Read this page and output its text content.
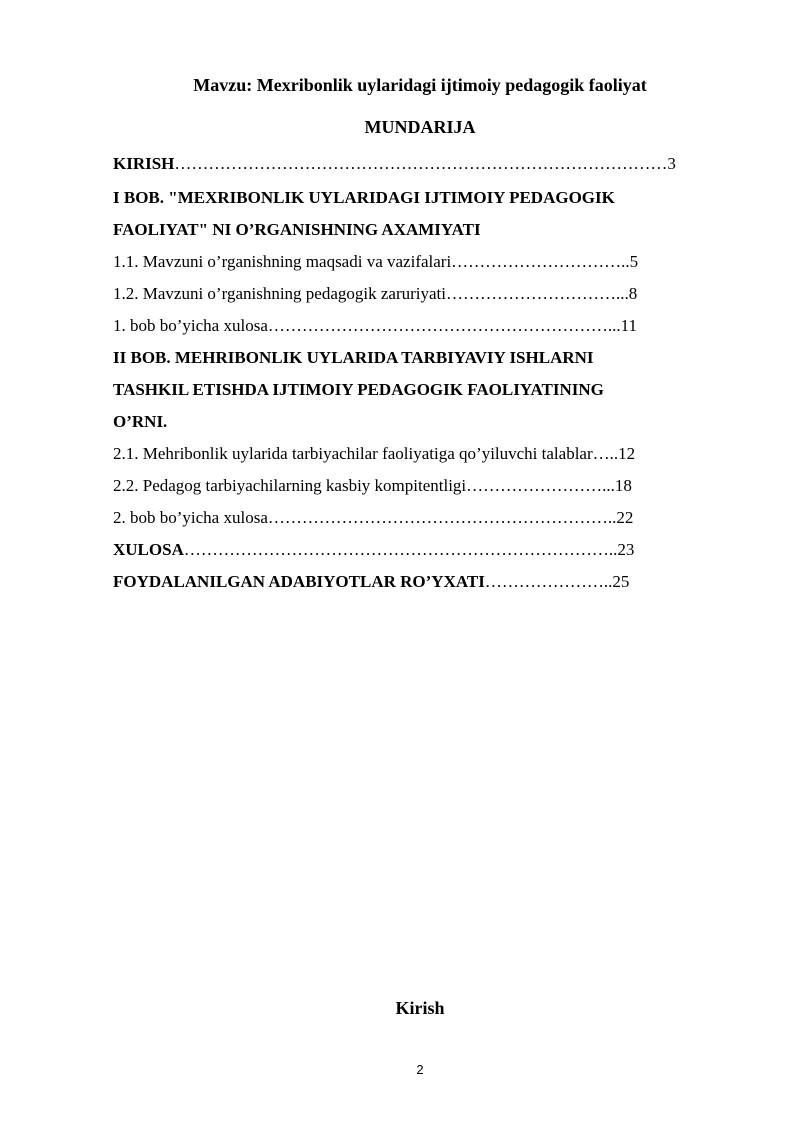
Mavzu: Mexribonlik uylaridagi ijtimoiy pedagogik faoliyat
MUNDARIJA
KIRISH……………………………………………………………………………3
I BOB. "MEXRIBONLIK UYLARIDAGI IJTIMOIY PEDAGOGIK
FAOLIYAT" NI O’RGANISHNING AXAMIYATI
1.1. Mavzuni o’rganishning maqsadi va vazifalari…………………………..5
1.2. Mavzuni o’rganishning pedagogik zaruriyati…………………………...8
1. bob bo’yicha xulosa……………………………………………………...11
II BOB. MEHRIBONLIK UYLARIDA TARBIYAVIY ISHLARNI
TASHKIL ETISHDA IJTIMOIY PEDAGOGIK FAOLIYATINING
O’RNI.
2.1. Mehribonlik uylarida tarbiyachilar faoliyatiga qo’yiluvchi talablar…..12
2.2. Pedagog tarbiyachilarning kasbiy kompitentligi……………………...18
2. bob bo’yicha xulosa……………………………………………………..22
XULOSA…………………………………………………………………..23
FOYDALANILGAN ADABIYOTLAR RO’YXATI…………………..25
Kirish
2
